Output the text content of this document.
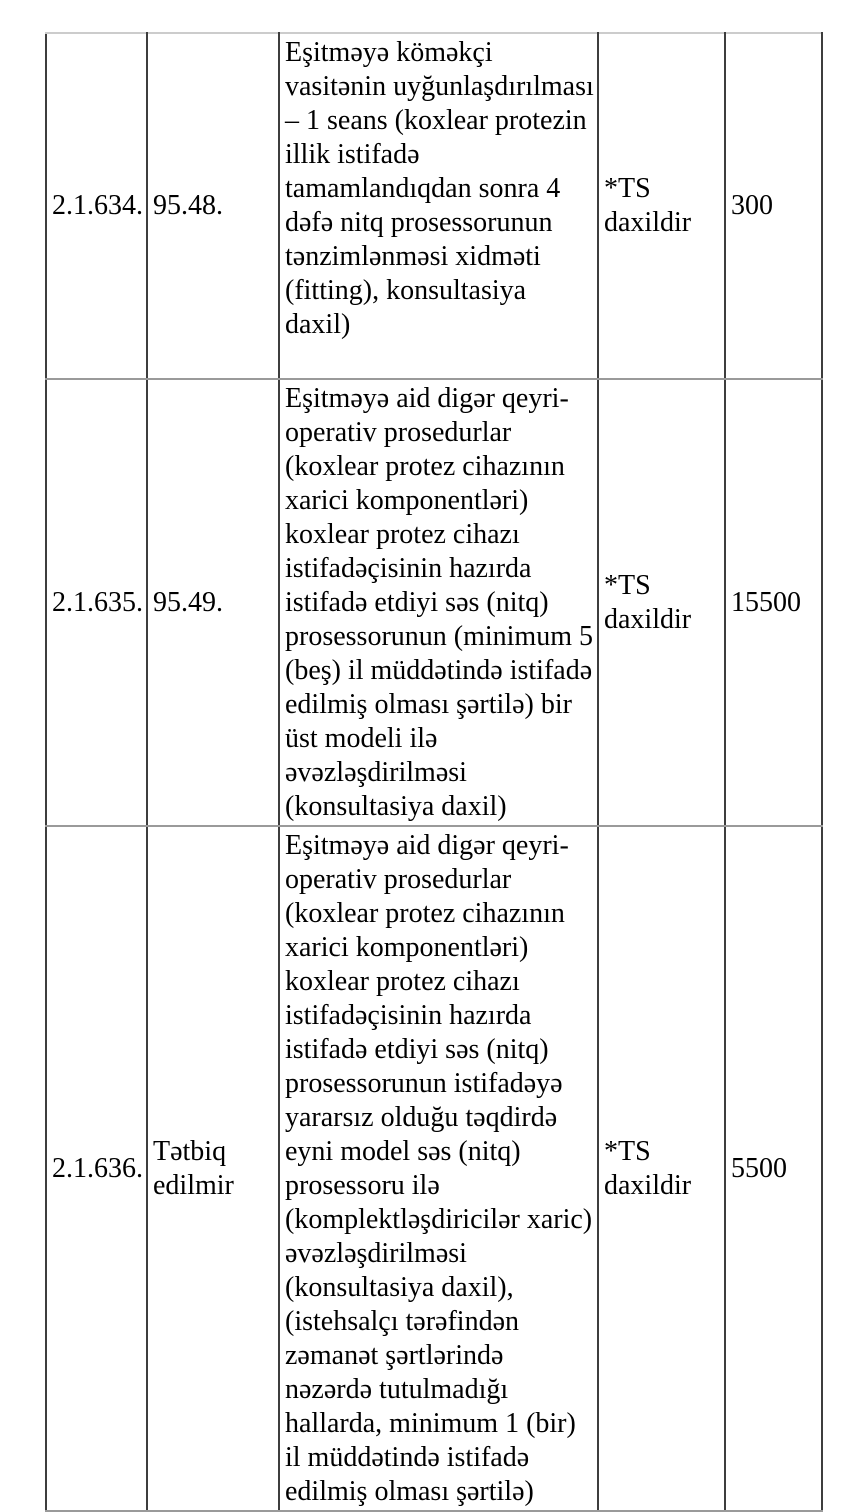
2.1.634.	95.48.	Eşitməyə köməkçi vasitənin uyğunlaşdırılması – 1 seans (koxlear protezin illik istifadə tamamlandıqdan sonra 4 dəfə nitq prosessorunun tənzimlənməsi xidməti (fitting), konsultasiya daxil)	*TS daxildir	300
2.1.635.	95.49.	Eşitməyə aid digər qeyri-operativ prosedurlar (koxlear protez cihazının xarici komponentləri) koxlear protez cihazı istifadəçisinin hazırda istifadə etdiyi səs (nitq) prosessorunun (minimum 5 (beş) il müddətində istifadə edilmiş olması şərtilə) bir üst modeli ilə əvəzləşdirilməsi (konsultasiya daxil)	*TS daxildir	15500
2.1.636.	Tətbiq edilmir	Eşitməyə aid digər qeyri-operativ prosedurlar (koxlear protez cihazının xarici komponentləri) koxlear protez cihazı istifadəçisinin hazırda istifadə etdiyi səs (nitq) prosessorunun istifadəyə yararsız olduğu təqdirdə eyni model səs (nitq) prosessoru ilə (komplektləşdiricilər xaric) əvəzləşdirilməsi (konsultasiya daxil), (istehsalçı tərəfindən zəmanət şərtlərində nəzərdə tutulmadığı hallarda, minimum 1 (bir) il müddətində istifadə edilmiş olması şərtilə)	*TS daxildir	5500
